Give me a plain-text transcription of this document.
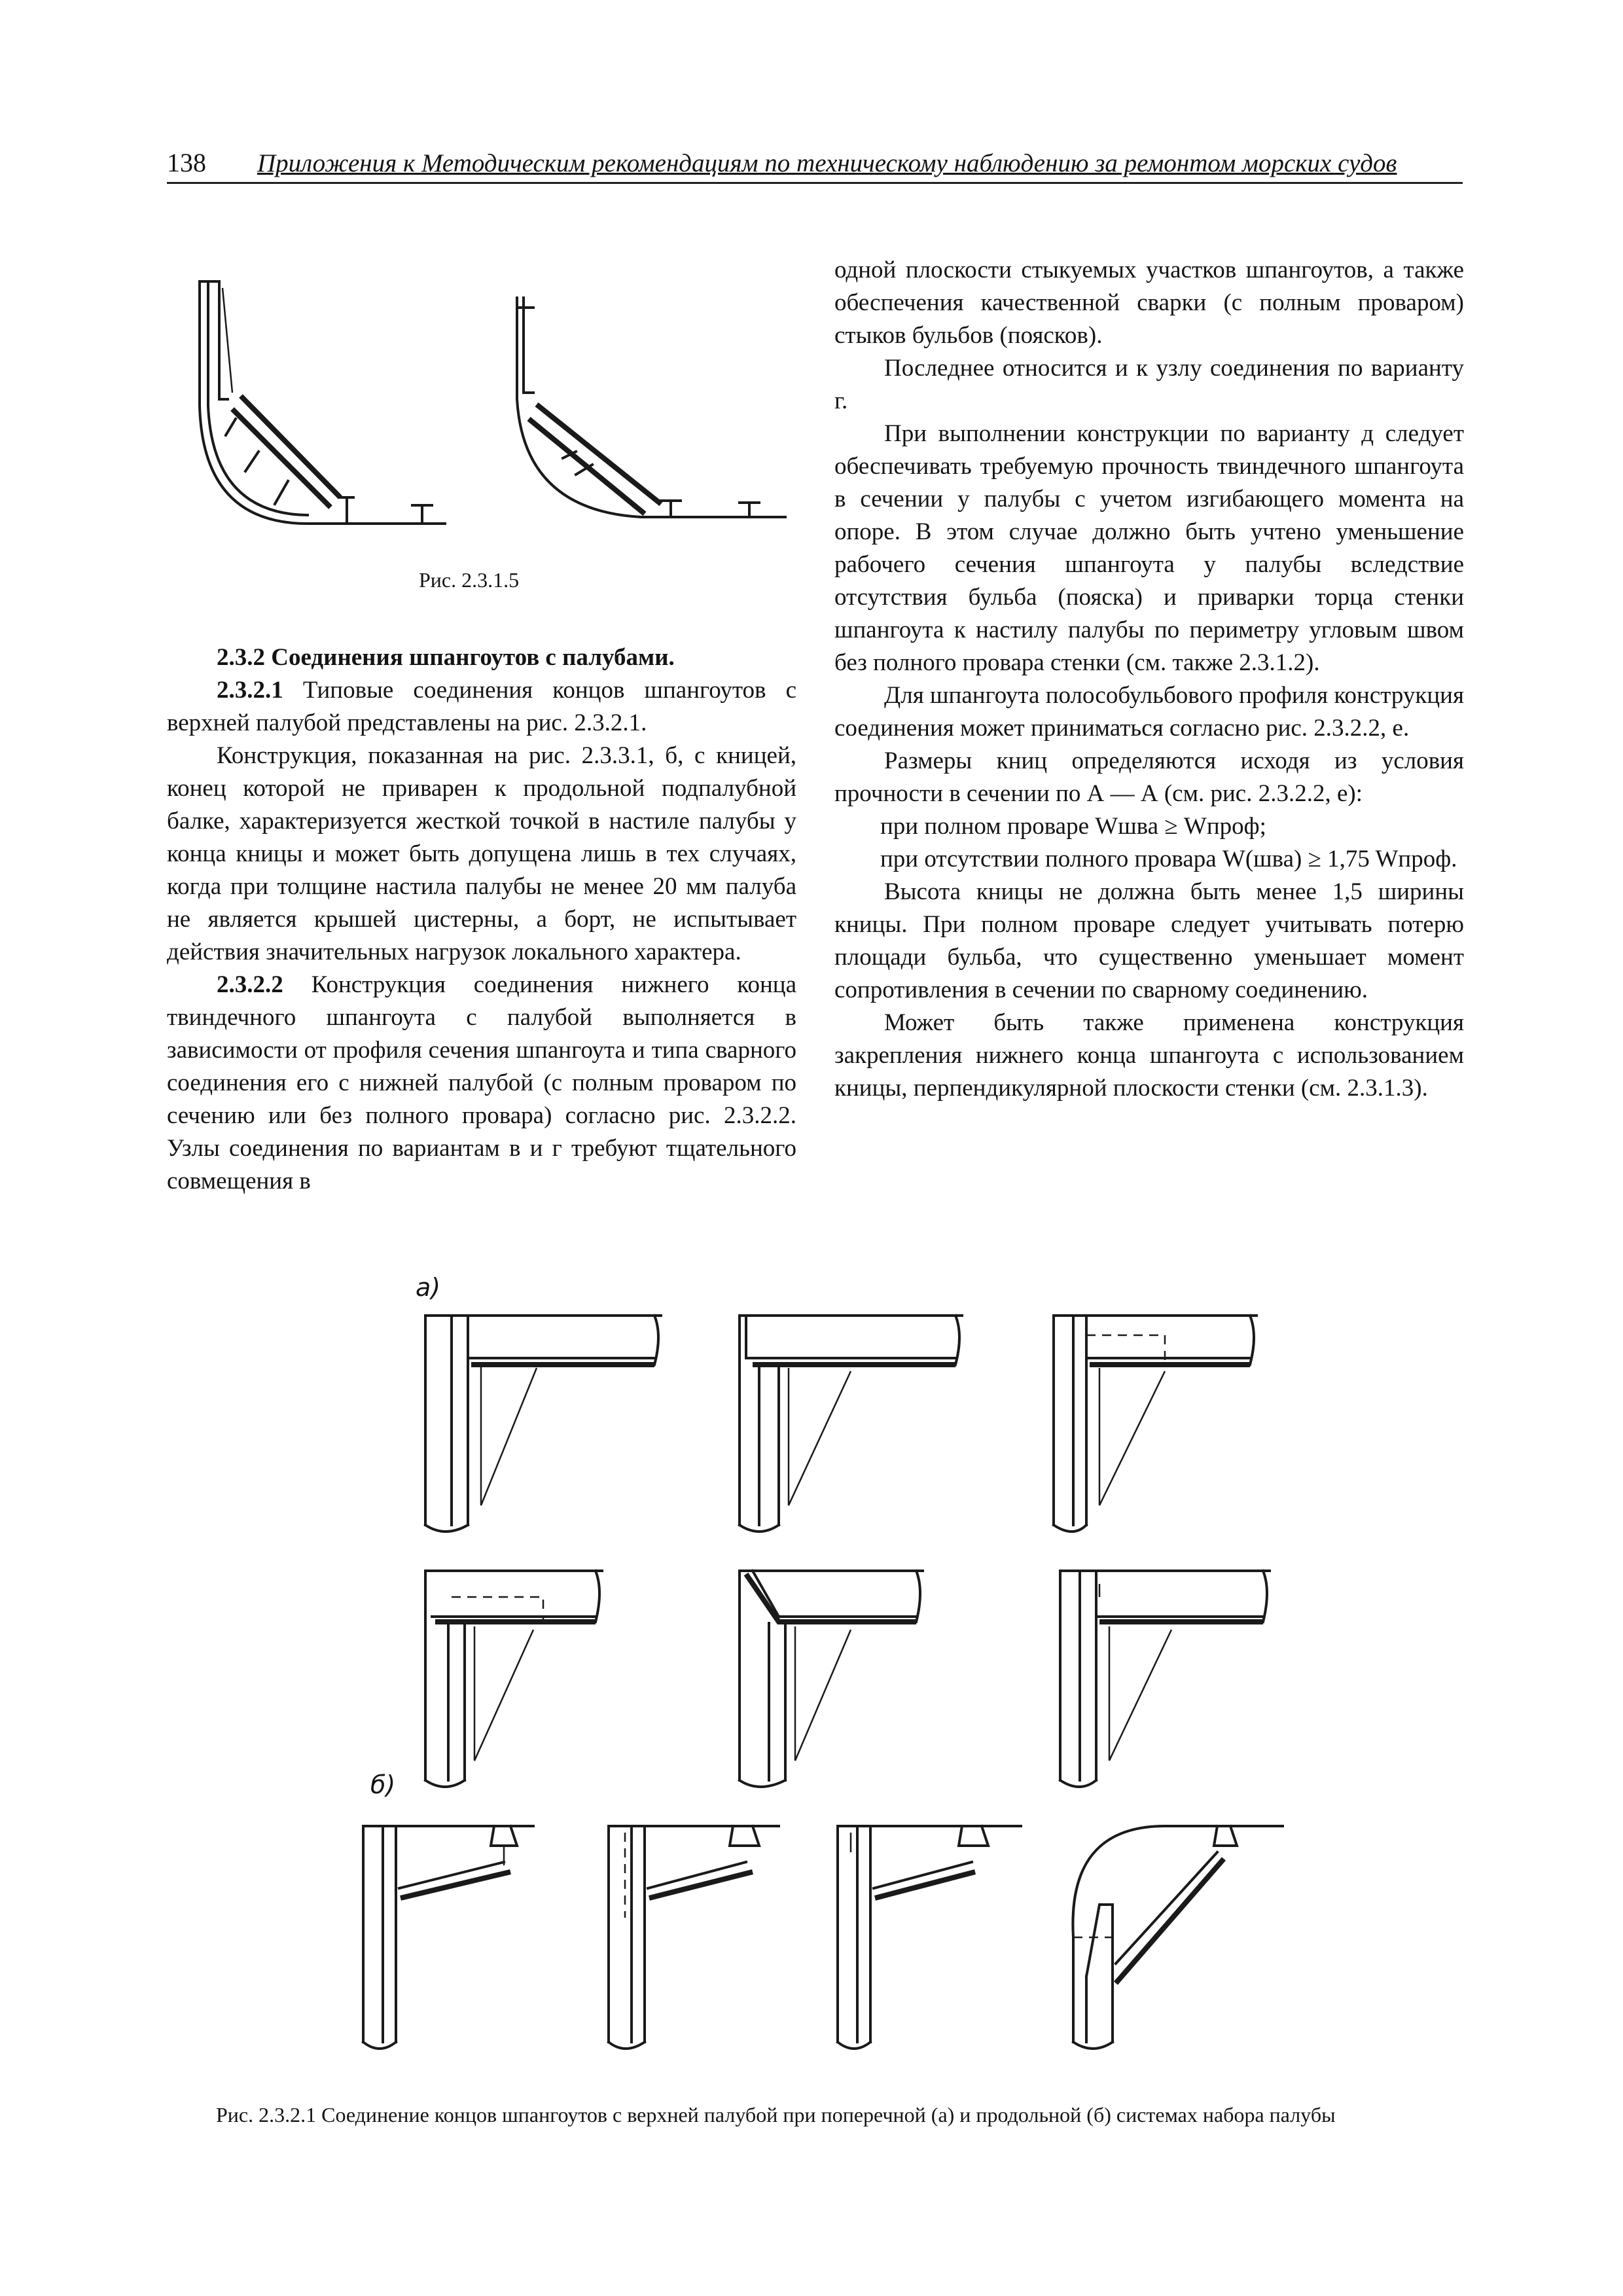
138 Приложения к Методическим рекомендациям по техническому наблюдению за ремонтом морских судов
Рис. 2.3.1.5

2.3.2 Соединения шпангоутов с палубами.

2.3.2.1 Типовые соединения концов шпангоутов с верхней палубой представлены на рис. 2.3.2.1.

Конструкция, показанная на рис. 2.3.3.1, б, с кницей, конец которой не приварен к продольной подпалубной балке, характеризуется жесткой точкой в настиле палубы у конца кницы и может быть допущена лишь в тех случаях, когда при толщине настила палубы не менее 20 мм палуба не является крышей цистерны, а борт, не испытывает действия значительных нагрузок локального характера.

2.3.2.2 Конструкция соединения нижнего конца твиндечного шпангоута с палубой выполняется в зависимости от профиля сечения шпангоута и типа сварного соединения его с нижней палубой (с полным проваром по сечению или без полного провара) согласно рис. 2.3.2.2. Узлы соединения по вариантам в и г требуют тщательного совмещения в

одной плоскости стыкуемых участков шпангоутов, а также обеспечения качественной сварки (с полным проваром) стыков бульбов (поясков).

Последнее относится и к узлу соединения по варианту г.

При выполнении конструкции по варианту д следует обеспечивать требуемую прочность твиндечного шпангоута в сечении у палубы с учетом изгибающего момента на опоре. В этом случае должно быть учтено уменьшение рабочего сечения шпангоута у палубы вследствие отсутствия бульба (пояска) и приварки торца стенки шпангоута к настилу палубы по периметру угловым швом без полного провара стенки (см. также 2.3.1.2).

Для шпангоута полособульбового профиля конструкция соединения может приниматься согласно рис. 2.3.2.2, е.

Размеры книц определяются исходя из условия прочности в сечении по А — А (см. рис. 2.3.2.2, е):

при полном проваре Wшва ≥ Wпроф;

при отсутствии полного провара W(шва) ≥ 1,75 Wпроф.

Высота кницы не должна быть менее 1,5 ширины кницы. При полном проваре следует учитывать потерю площади бульба, что существенно уменьшает момент сопротивления в сечении по сварному соединению.

Может быть также применена конструкция закрепления нижнего конца шпангоута с использованием кницы, перпендикулярной плоскости стенки (см. 2.3.1.3).

а)
б)
Рис. 2.3.2.1 Соединение концов шпангоутов с верхней палубой при поперечной (а) и продольной (б) системах набора палубы
